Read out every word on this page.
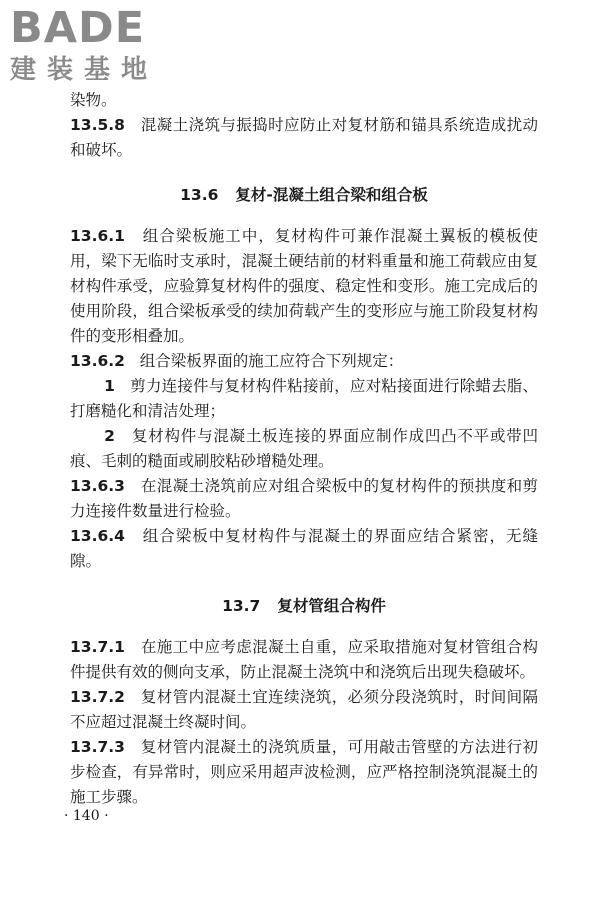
BADE
建装基地

染物。

13.5.8 混凝土浇筑与振捣时应防止对复材筋和锚具系统造成扰动和破坏。

13.6 复材-混凝土组合梁和组合板

13.6.1 组合梁板施工中，复材构件可兼作混凝土翼板的模板使用，梁下无临时支承时，混凝土硬结前的材料重量和施工荷载应由复材构件承受，应验算复材构件的强度、稳定性和变形。施工完成后的使用阶段，组合梁板承受的续加荷载产生的变形应与施工阶段复材构件的变形相叠加。

13.6.2 组合梁板界面的施工应符合下列规定：

1 剪力连接件与复材构件粘接前，应对粘接面进行除蜡去脂、打磨糙化和清洁处理；

2 复材构件与混凝土板连接的界面应制作成凹凸不平或带凹痕、毛刺的糙面或刷胶粘砂增糙处理。

13.6.3 在混凝土浇筑前应对组合梁板中的复材构件的预拱度和剪力连接件数量进行检验。

13.6.4 组合梁板中复材构件与混凝土的界面应结合紧密，无缝隙。

13.7 复材管组合构件

13.7.1 在施工中应考虑混凝土自重，应采取措施对复材管组合构件提供有效的侧向支承，防止混凝土浇筑中和浇筑后出现失稳破坏。

13.7.2 复材管内混凝土宜连续浇筑，必须分段浇筑时，时间间隔不应超过混凝土终凝时间。

13.7.3 复材管内混凝土的浇筑质量，可用敲击管壁的方法进行初步检查，有异常时，则应采用超声波检测，应严格控制浇筑混凝土的施工步骤。

· 140 ·
